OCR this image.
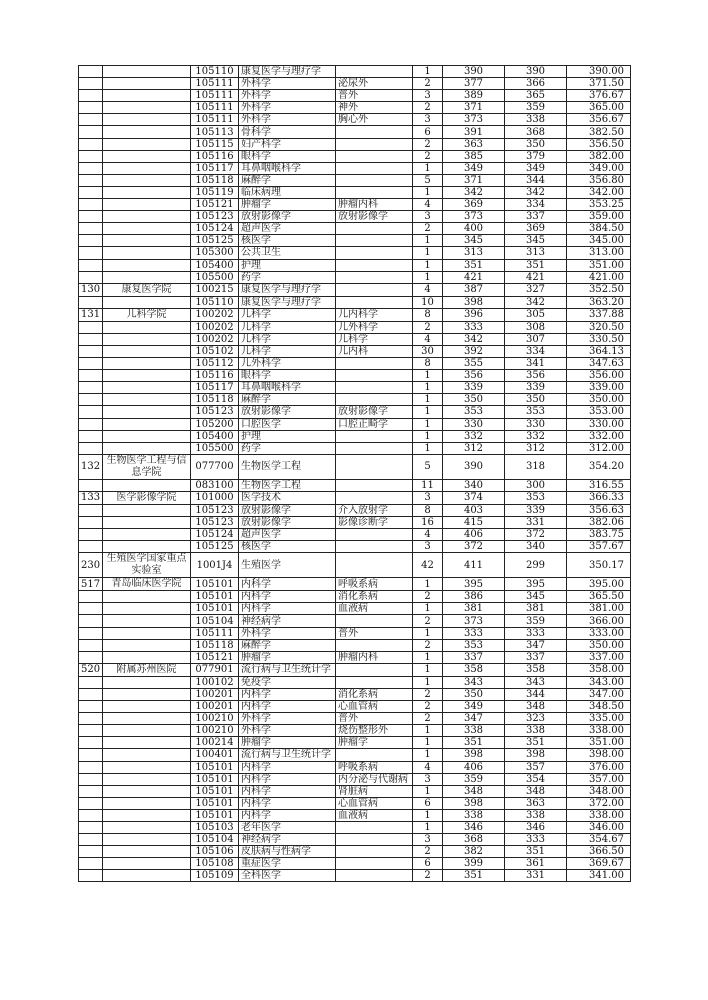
		105110	康复医学与理疗学		1	390	390	390.00
		105111	外科学	泌尿外	2	377	366	371.50
		105111	外科学	普外	3	389	365	376.67
		105111	外科学	神外	2	371	359	365.00
		105111	外科学	胸心外	3	373	338	356.67
		105113	骨科学		6	391	368	382.50
		105115	妇产科学		2	363	350	356.50
		105116	眼科学		2	385	379	382.00
		105117	耳鼻咽喉科学		1	349	349	349.00
		105118	麻醉学		5	371	344	356.80
		105119	临床病理		1	342	342	342.00
		105121	肿瘤学	肿瘤内科	4	369	334	353.25
		105123	放射影像学	放射影像学	3	373	337	359.00
		105124	超声医学		2	400	369	384.50
		105125	核医学		1	345	345	345.00
		105300	公共卫生		1	313	313	313.00
		105400	护理		1	351	351	351.00
		105500	药学		1	421	421	421.00
130	康复医学院	100215	康复医学与理疗学		4	387	327	352.50
		105110	康复医学与理疗学		10	398	342	363.20
131	儿科学院	100202	儿科学	儿内科学	8	396	305	337.88
		100202	儿科学	儿外科学	2	333	308	320.50
		100202	儿科学	儿科学	4	342	307	330.50
		105102	儿科学	儿内科	30	392	334	364.13
		105112	儿外科学		8	355	341	347.63
		105116	眼科学		1	356	356	356.00
		105117	耳鼻咽喉科学		1	339	339	339.00
		105118	麻醉学		1	350	350	350.00
		105123	放射影像学	放射影像学	1	353	353	353.00
		105200	口腔医学	口腔正畸学	1	330	330	330.00
		105400	护理		1	332	332	332.00
		105500	药学		1	312	312	312.00
132	生物医学工程与信息学院	077700	生物医学工程		5	390	318	354.20
		083100	生物医学工程		11	340	300	316.55
133	医学影像学院	101000	医学技术		3	374	353	366.33
		105123	放射影像学	介入放射学	8	403	339	356.63
		105123	放射影像学	影像诊断学	16	415	331	382.06
		105124	超声医学		4	406	372	383.75
		105125	核医学		3	372	340	357.67
230	生殖医学国家重点实验室	1001J4	生殖医学		42	411	299	350.17
517	青岛临床医学院	105101	内科学	呼吸系病	1	395	395	395.00
		105101	内科学	消化系病	2	386	345	365.50
		105101	内科学	血液病	1	381	381	381.00
		105104	神经病学		2	373	359	366.00
		105111	外科学	普外	1	333	333	333.00
		105118	麻醉学		2	353	347	350.00
		105121	肿瘤学	肿瘤内科	1	337	337	337.00
520	附属苏州医院	077901	流行病与卫生统计学		1	358	358	358.00
		100102	免疫学		1	343	343	343.00
		100201	内科学	消化系病	2	350	344	347.00
		100201	内科学	心血管病	2	349	348	348.50
		100210	外科学	普外	2	347	323	335.00
		100210	外科学	烧伤整形外	1	338	338	338.00
		100214	肿瘤学	肿瘤学	1	351	351	351.00
		100401	流行病与卫生统计学		1	398	398	398.00
		105101	内科学	呼吸系病	4	406	357	376.00
		105101	内科学	内分泌与代谢病	3	359	354	357.00
		105101	内科学	肾脏病	1	348	348	348.00
		105101	内科学	心血管病	6	398	363	372.00
		105101	内科学	血液病	1	338	338	338.00
		105103	老年医学		1	346	346	346.00
		105104	神经病学		3	368	333	354.67
		105106	皮肤病与性病学		2	382	351	366.50
		105108	重症医学		6	399	361	369.67
		105109	全科医学		2	351	331	341.00
